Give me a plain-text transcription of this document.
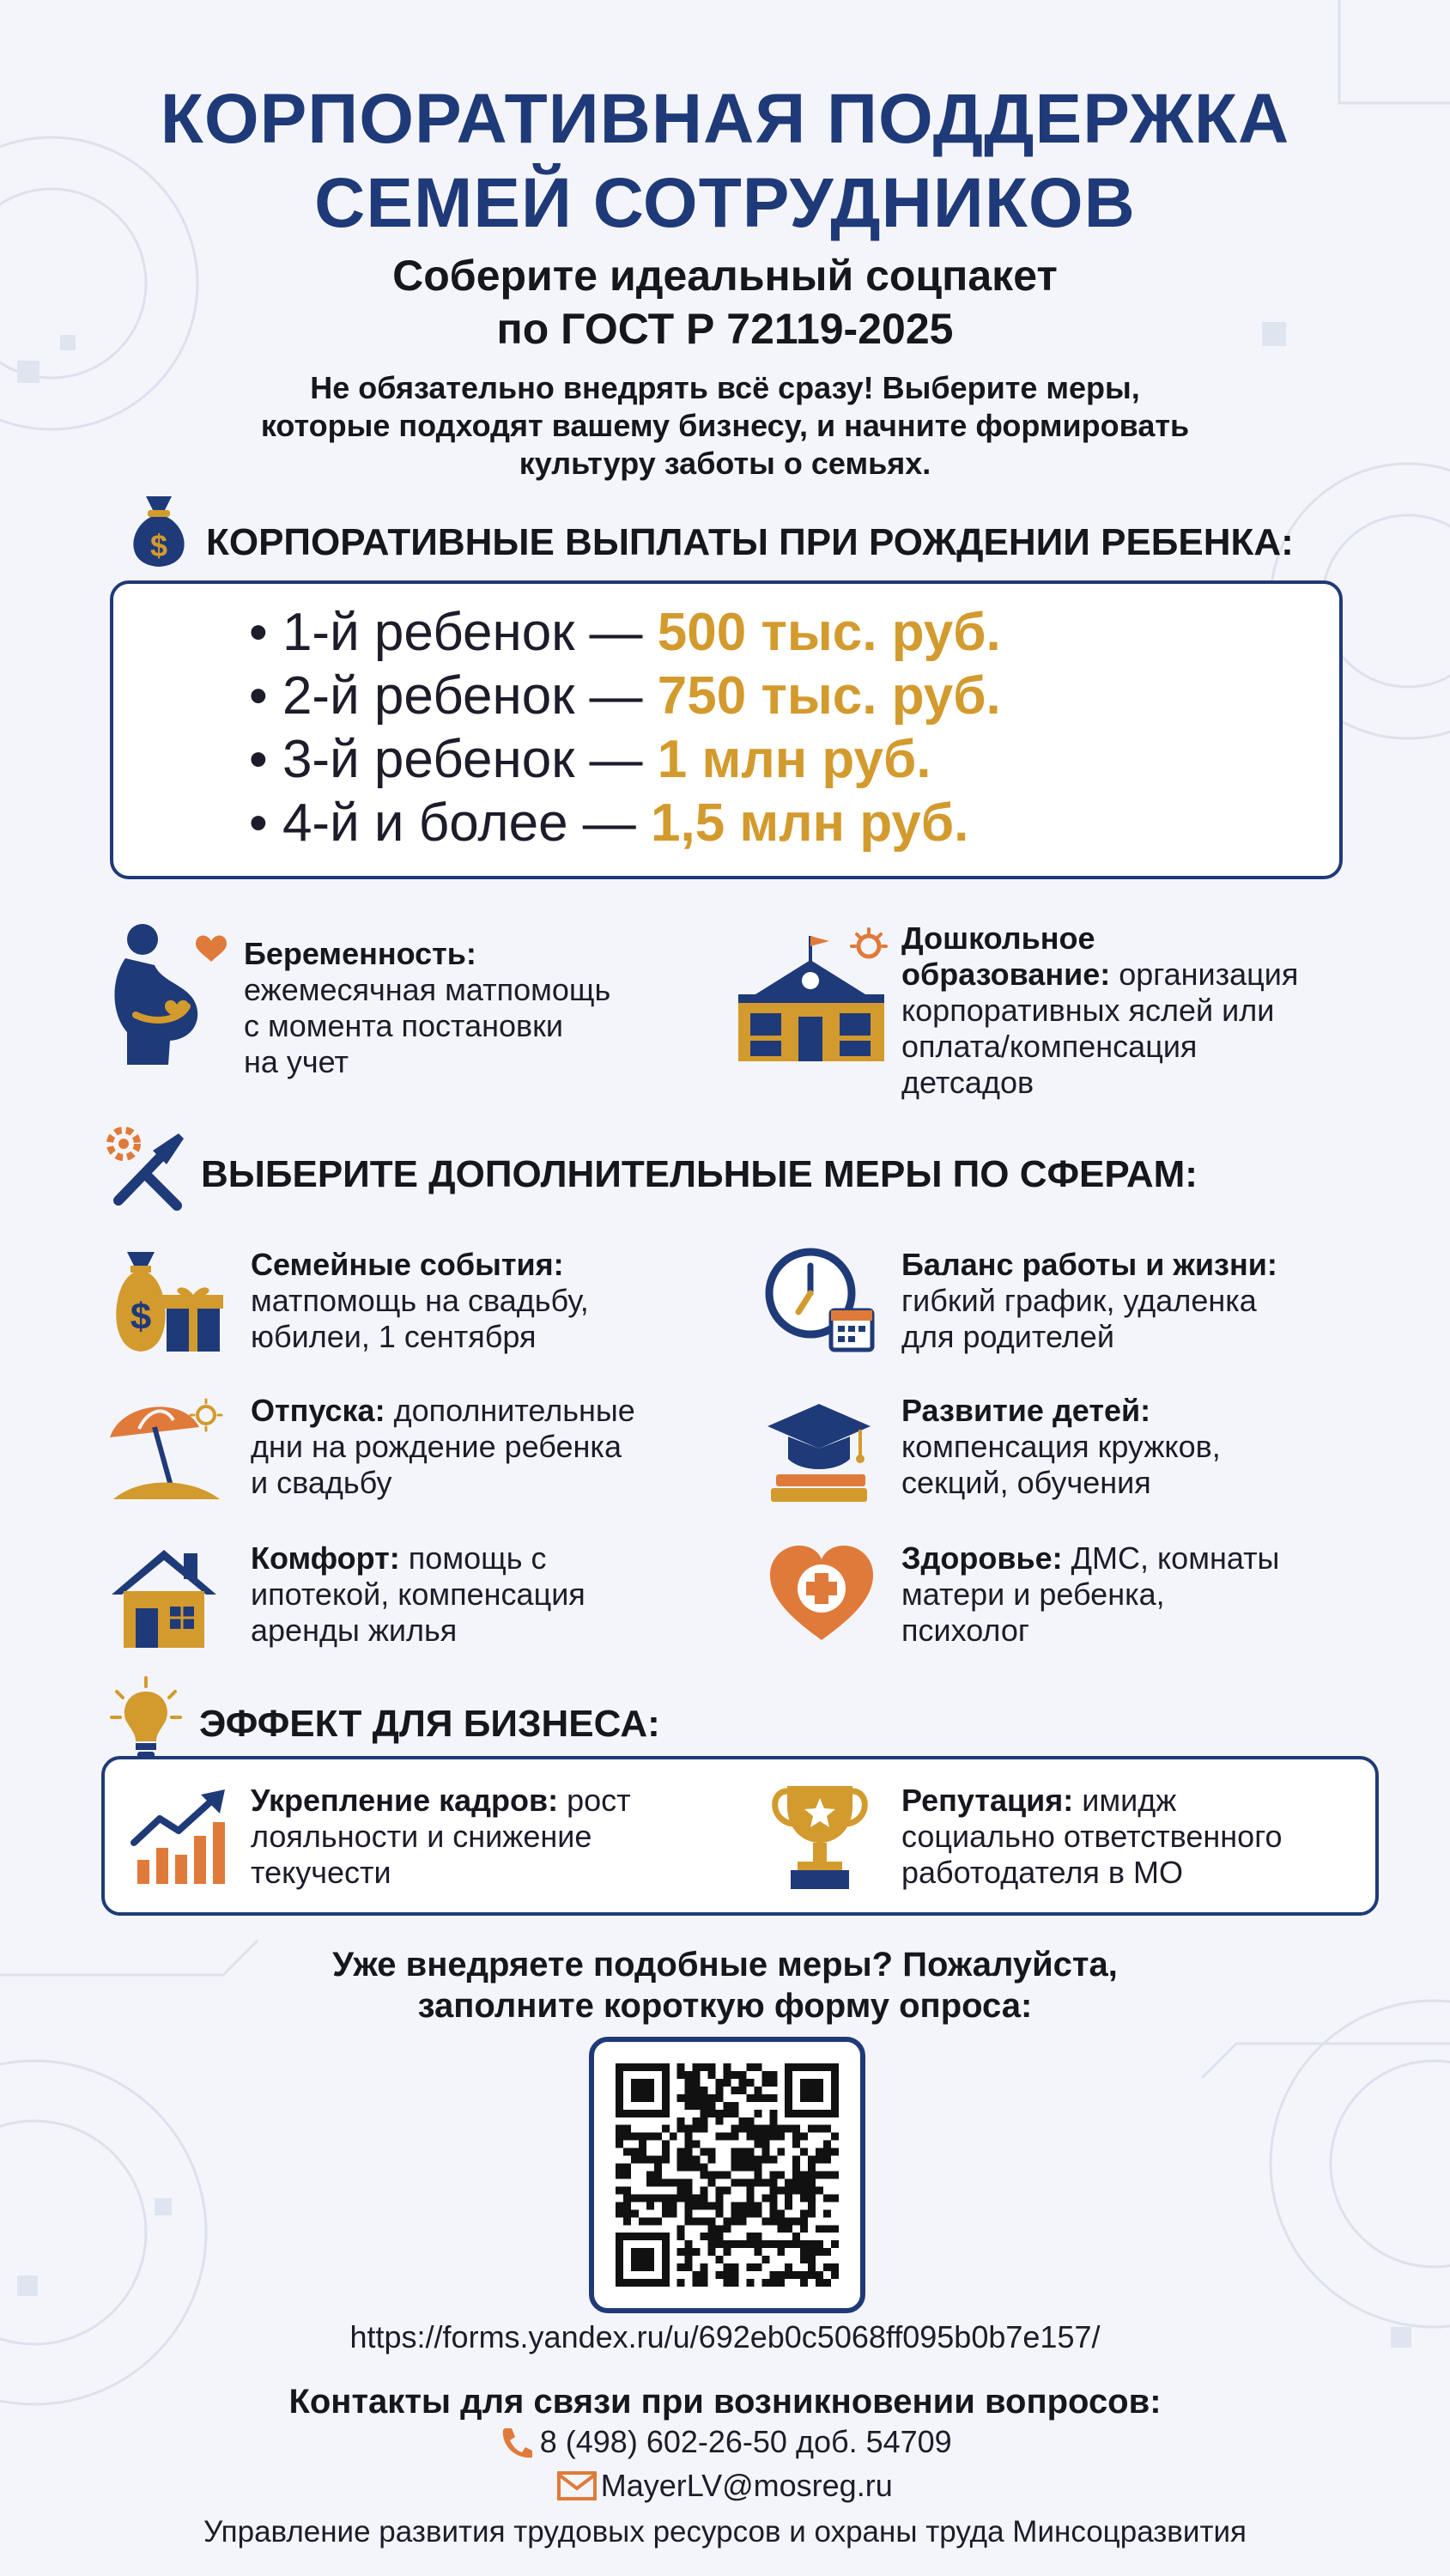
КОРПОРАТИВНАЯ ПОДДЕРЖКА
СЕМЕЙ СОТРУДНИКОВ
Соберите идеальный соцпакет
по ГОСТ Р 72119-2025
Не обязательно внедрять всё сразу! Выберите меры,
которые подходят вашему бизнесу, и начните формировать
культуру заботы о семьях.
$ КОРПОРАТИВНЫЕ ВЫПЛАТЫ ПРИ РОЖДЕНИИ РЕБЕНКА:
• 1-й ребенок — 500 тыс. руб.
• 2-й ребенок — 750 тыс. руб.
• 3-й ребенок — 1 млн руб.
• 4-й и более — 1,5 млн руб.
Беременность:
ежемесячная матпомощь
с момента постановки
на учет
Дошкольное
образование: организация
корпоративных яслей или
оплата/компенсация
детсадов
ВЫБЕРИТЕ ДОПОЛНИТЕЛЬНЫЕ МЕРЫ ПО СФЕРАМ:
$
Семейные события:
матпомощь на свадьбу,
юбилеи, 1 сентября
Баланс работы и жизни:
гибкий график, удаленка
для родителей
Отпуска: дополнительные
дни на рождение ребенка
и свадьбу
Развитие детей:
компенсация кружков,
секций, обучения
Комфорт: помощь с
ипотекой, компенсация
аренды жилья
Здоровье: ДМС, комнаты
матери и ребенка,
психолог
ЭФФЕКТ ДЛЯ БИЗНЕСА:
Укрепление кадров: рост
лояльности и снижение
текучести
Репутация: имидж
социально ответственного
работодателя в МО
Уже внедряете подобные меры? Пожалуйста,
заполните короткую форму опроса:
https://forms.yandex.ru/u/692eb0c5068ff095b0b7e157/
Контакты для связи при возникновении вопросов:
8 (498) 602-26-50 доб. 54709
MayerLV@mosreg.ru
Управление развития трудовых ресурсов и охраны труда Минсоцразвития
